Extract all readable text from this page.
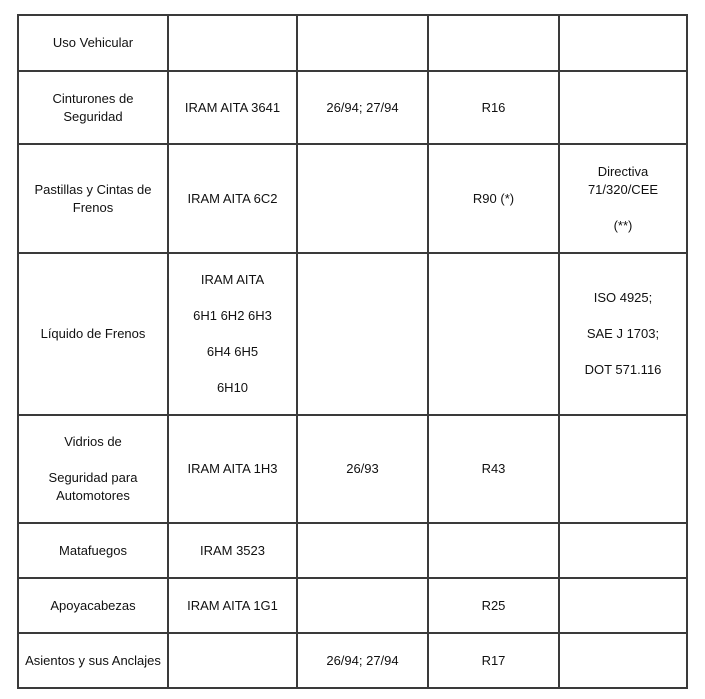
Uso Vehicular				

Cinturones de
Seguridad	IRAM AITA 3641	26/94; 27/94	R16	

Pastillas y Cintas de
Frenos	IRAM AITA 6C2		R90 (*)	Directiva
71/320/CEE
(**)

Líquido de Frenos	IRAM AITA
6H1 6H2 6H3
6H4 6H5
6H10			ISO 4925;
SAE J 1703;
DOT 571.116

Vidrios de
Seguridad para
Automotores	IRAM AITA 1H3	26/93	R43	

Matafuegos	IRAM 3523			

Apoyacabezas	IRAM AITA 1G1		R25	

Asientos y sus Anclajes		26/94; 27/94	R17	
